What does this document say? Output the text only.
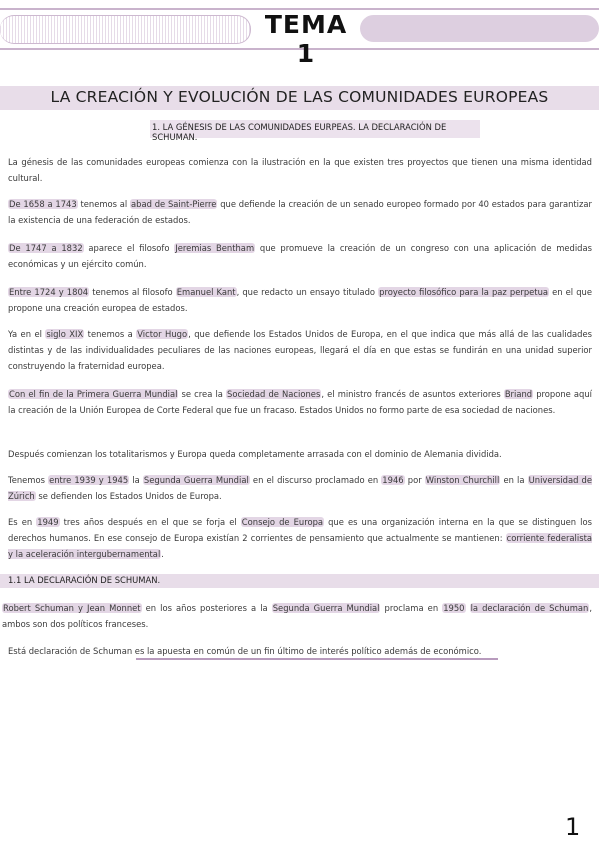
TEMA 1
LA CREACIÓN Y EVOLUCIÓN DE LAS COMUNIDADES EUROPEAS
1. LA GÉNESIS DE LAS COMUNIDADES EURPEAS. LA DECLARACIÓN DE SCHUMAN.
La génesis de las comunidades europeas comienza con la ilustración en la que existen tres proyectos que tienen una misma identidad cultural.
De 1658 a 1743 tenemos al abad de Saint-Pierre que defiende la creación de un senado europeo formado por 40 estados para garantizar la existencia de una federación de estados.
De 1747 a 1832 aparece el filosofo Jeremias Bentham que promueve la creación de un congreso con una aplicación de medidas económicas y un ejército común.
Entre 1724 y 1804 tenemos al filosofo Emanuel Kant, que redacto un ensayo titulado proyecto filosófico para la paz perpetua en el que propone una creación europea de estados.
Ya en el siglo XIX tenemos a Victor Hugo, que defiende los Estados Unidos de Europa, en el que indica que más allá de las cualidades distintas y de las individualidades peculiares de las naciones europeas, llegará el día en que estas se fundirán en una unidad superior construyendo la fraternidad europea.
Con el fin de la Primera Guerra Mundial se crea la Sociedad de Naciones, el ministro francés de asuntos exteriores Briand propone aquí la creación de la Unión Europea de Corte Federal que fue un fracaso. Estados Unidos no formo parte de esa sociedad de naciones.
Después comienzan los totalitarismos y Europa queda completamente arrasada con el dominio de Alemania dividida.
Tenemos entre 1939 y 1945 la Segunda Guerra Mundial en el discurso proclamado en 1946 por Winston Churchill en la Universidad de Zúrich se defienden los Estados Unidos de Europa.
Es en 1949 tres años después en el que se forja el Consejo de Europa que es una organización interna en la que se distinguen los derechos humanos. En ese consejo de Europa existían 2 corrientes de pensamiento que actualmente se mantienen: corriente federalista y la aceleración intergubernamental.
1.1 LA DECLARACIÓN DE SCHUMAN.
Robert Schuman y Jean Monnet en los años posteriores a la Segunda Guerra Mundial proclama en 1950 la declaración de Schuman, ambos son dos políticos franceses.
Está declaración de Schuman es la apuesta en común de un fin último de interés político además de económico.
1
